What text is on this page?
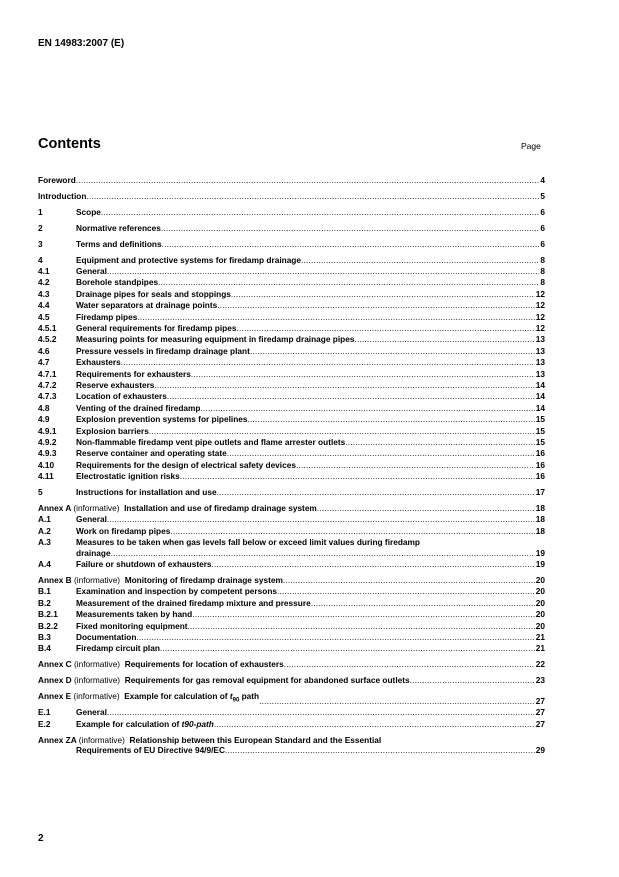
EN 14983:2007 (E)
Contents	Page
Foreword .....	4
Introduction .....	5
1	Scope .....	6
2	Normative references .....	6
3	Terms and definitions .....	6
4	Equipment and protective systems for firedamp drainage .....	8
4.1	General .....	8
4.2	Borehole standpipes .....	8
4.3	Drainage pipes for seals and stoppings .....	12
4.4	Water separators at drainage points .....	12
4.5	Firedamp pipes .....	12
4.5.1	General requirements for firedamp pipes .....	12
4.5.2	Measuring points for measuring equipment in firedamp drainage pipes .....	13
4.6	Pressure vessels in firedamp drainage plant .....	13
4.7	Exhausters .....	13
4.7.1	Requirements for exhausters .....	13
4.7.2	Reserve exhausters .....	14
4.7.3	Location of exhausters .....	14
4.8	Venting of the drained firedamp .....	14
4.9	Explosion prevention systems for pipelines .....	15
4.9.1	Explosion barriers .....	15
4.9.2	Non-flammable firedamp vent pipe outlets and flame arrester outlets .....	15
4.9.3	Reserve container and operating state .....	16
4.10	Requirements for the design of electrical safety devices .....	16
4.11	Electrostatic ignition risks .....	16
5	Instructions for installation and use .....	17
Annex A (informative) Installation and use of firedamp drainage system .....	18
A.1	General .....	18
A.2	Work on firedamp pipes .....	18
A.3	Measures to be taken when gas levels fall below or exceed limit values during firedamp
drainage .....	19
A.4	Failure or shutdown of exhausters .....	19
Annex B (informative) Monitoring of firedamp drainage system .....	20
B.1	Examination and inspection by competent persons .....	20
B.2	Measurement of the drained firedamp mixture and pressure .....	20
B.2.1	Measurements taken by hand .....	20
B.2.2	Fixed monitoring equipment .....	20
B.3	Documentation .....	21
B.4	Firedamp circuit plan .....	21
Annex C (informative) Requirements for location of exhausters .....	22
Annex D (informative) Requirements for gas removal equipment for abandoned surface outlets .....	23
Annex E (informative) Example for calculation of $t_{90}$ path .....	27
E.1	General .....	27
E.2	Example for calculation of t90-path .....	27
Annex ZA (informative) Relationship between this European Standard and the Essential
Requirements of EU Directive 94/9/EC .....	29
2
